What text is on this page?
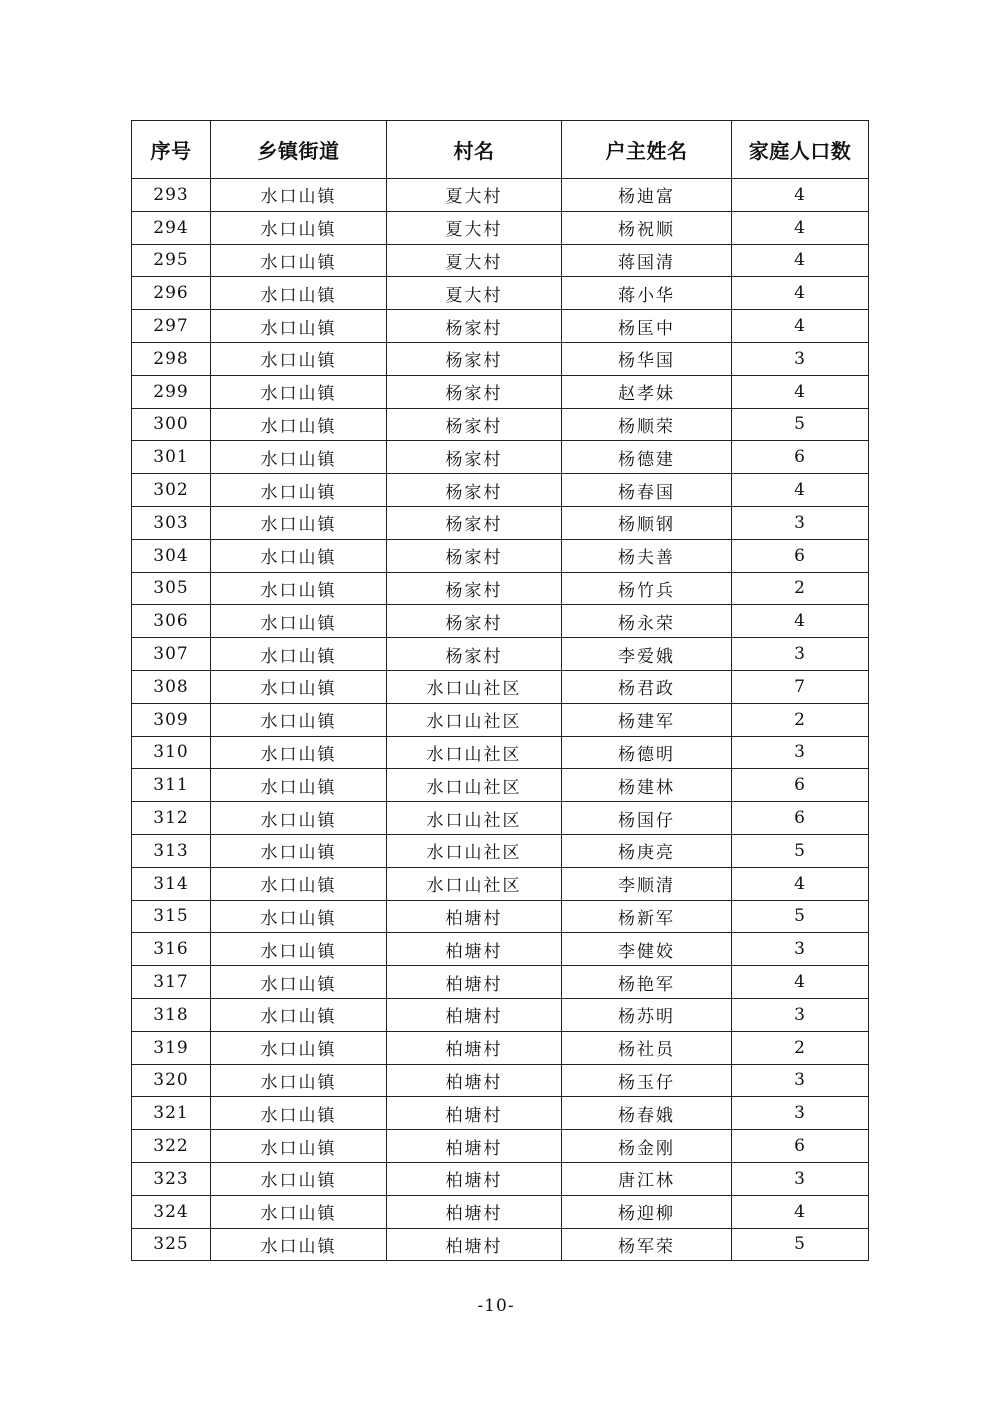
序号	乡镇街道	村名	户主姓名	家庭人口数
293	水口山镇	夏大村	杨迪富	4
294	水口山镇	夏大村	杨祝顺	4
295	水口山镇	夏大村	蒋国清	4
296	水口山镇	夏大村	蒋小华	4
297	水口山镇	杨家村	杨匡中	4
298	水口山镇	杨家村	杨华国	3
299	水口山镇	杨家村	赵孝妹	4
300	水口山镇	杨家村	杨顺荣	5
301	水口山镇	杨家村	杨德建	6
302	水口山镇	杨家村	杨春国	4
303	水口山镇	杨家村	杨顺钢	3
304	水口山镇	杨家村	杨夫善	6
305	水口山镇	杨家村	杨竹兵	2
306	水口山镇	杨家村	杨永荣	4
307	水口山镇	杨家村	李爱娥	3
308	水口山镇	水口山社区	杨君政	7
309	水口山镇	水口山社区	杨建军	2
310	水口山镇	水口山社区	杨德明	3
311	水口山镇	水口山社区	杨建林	6
312	水口山镇	水口山社区	杨国仔	6
313	水口山镇	水口山社区	杨庚亮	5
314	水口山镇	水口山社区	李顺清	4
315	水口山镇	柏塘村	杨新军	5
316	水口山镇	柏塘村	李健姣	3
317	水口山镇	柏塘村	杨艳军	4
318	水口山镇	柏塘村	杨苏明	3
319	水口山镇	柏塘村	杨社员	2
320	水口山镇	柏塘村	杨玉仔	3
321	水口山镇	柏塘村	杨春娥	3
322	水口山镇	柏塘村	杨金刚	6
323	水口山镇	柏塘村	唐江林	3
324	水口山镇	柏塘村	杨迎柳	4
325	水口山镇	柏塘村	杨军荣	5
-10-
